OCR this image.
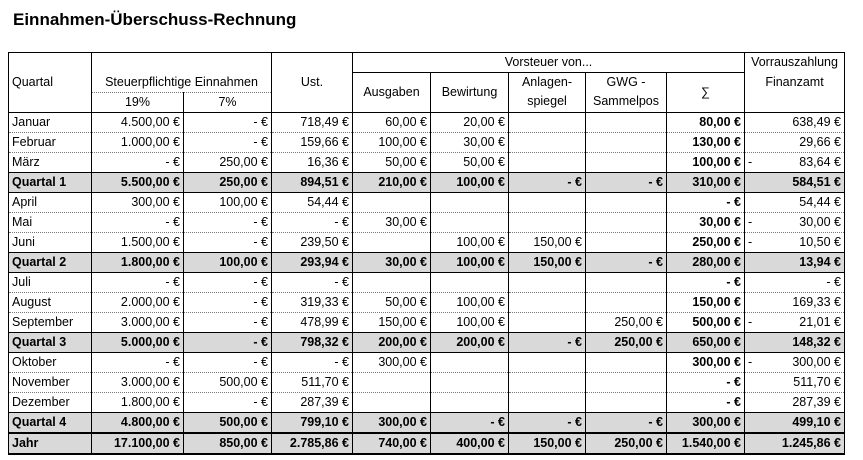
Einnahmen-Überschuss-Rechnung
Quartal			Ust.	Vorsteuer von...					Vorrauszahlung
	Steuerpflichtige Einnahmen			Ausgaben	Bewirtung	Anlagen-	GWG -	∑	Finanzamt
	19%	7%				spiegel	Sammelpos		
Januar	4.500,00 €	- €	718,49 €	60,00 €	20,00 €			80,00 €	638,49 €
Februar	1.000,00 €	- €	159,66 €	100,00 €	30,00 €			130,00 €	29,66 €
März	- €	250,00 €	16,36 €	50,00 €	50,00 €			100,00 €	- 83,64 €
Quartal 1	5.500,00 €	250,00 €	894,51 €	210,00 €	100,00 €	- €	- €	310,00 €	584,51 €
April	300,00 €	100,00 €	54,44 €					- €	54,44 €
Mai	- €	- €	- €	30,00 €				30,00 €	- 30,00 €
Juni	1.500,00 €	- €	239,50 €		100,00 €	150,00 €		250,00 €	- 10,50 €
Quartal 2	1.800,00 €	100,00 €	293,94 €	30,00 €	100,00 €	150,00 €	- €	280,00 €	13,94 €
Juli	- €	- €	- €					- €	- €
August	2.000,00 €	- €	319,33 €	50,00 €	100,00 €			150,00 €	169,33 €
September	3.000,00 €	- €	478,99 €	150,00 €	100,00 €		250,00 €	500,00 €	- 21,01 €
Quartal 3	5.000,00 €	- €	798,32 €	200,00 €	200,00 €	- €	250,00 €	650,00 €	148,32 €
Oktober	- €	- €	- €	300,00 €				300,00 €	- 300,00 €
November	3.000,00 €	500,00 €	511,70 €					- €	511,70 €
Dezember	1.800,00 €	- €	287,39 €					- €	287,39 €
Quartal 4	4.800,00 €	500,00 €	799,10 €	300,00 €	- €	- €	- €	300,00 €	499,10 €
Jahr	17.100,00 €	850,00 €	2.785,86 €	740,00 €	400,00 €	150,00 €	250,00 €	1.540,00 €	1.245,86 €
